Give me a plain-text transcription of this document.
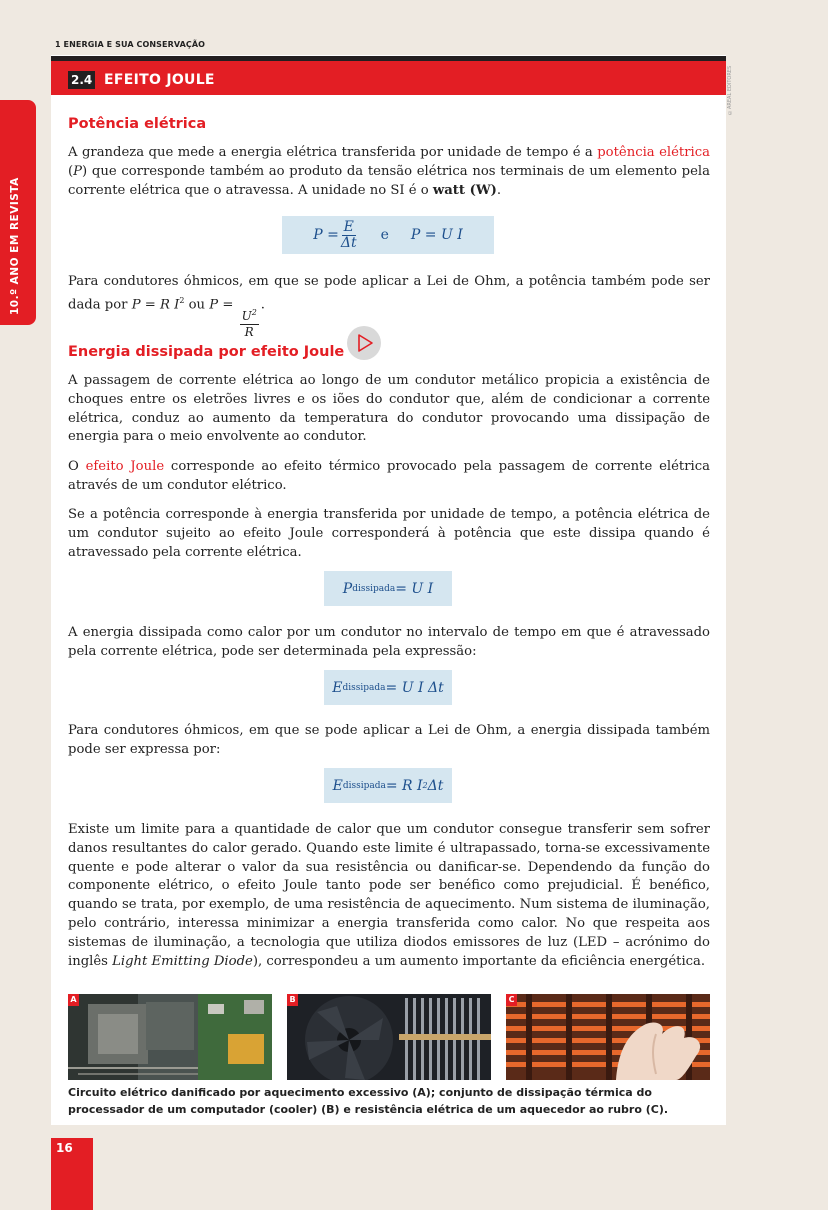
1 ENERGIA E SUA CONSERVAÇÃO
2.4 EFEITO JOULE	©AREAL EDITORES
10.º ANO EM REVISTA
Potência elétrica

A grandeza que mede a energia elétrica transferida por unidade de tempo é a potência elétrica (P) que corresponde também ao produto da tensão elétrica nos terminais de um elemento pela corrente elétrica que o atravessa. A unidade no SI é o watt (W).

$P = \frac{E}{\Delta t}$ e P = U I

Para condutores óhmicos, em que se pode aplicar a Lei de Ohm, a potência também pode ser dada por P = R $I^2$ ou P =
$\frac{U^2}{R}$
.

Energia dissipada por efeito Joule

A passagem de corrente elétrica ao longo de um condutor metálico propicia a existência de choques entre os eletrões livres e os iões do condutor que, além de condicionar a corrente elétrica, conduz ao aumento da temperatura do condutor provocando uma dissipação de energia para o meio envolvente ao condutor.

O efeito Joule corresponde ao efeito térmico provocado pela passagem de corrente elétrica através de um condutor elétrico.

Se a potência corresponde à energia transferida por unidade de tempo, a potência elétrica de um condutor sujeito ao efeito Joule corresponderá à potência que este dissipa quando é atravessado pela corrente elétrica.

P dissipada = U I

A energia dissipada como calor por um condutor no intervalo de tempo em que é atravessado pela corrente elétrica, pode ser determinada pela expressão:

E dissipada = U I Δt

Para condutores óhmicos, em que se pode aplicar a Lei de Ohm, a energia dissipada também pode ser expressa por:

E dissipada = R I 2 Δt

Existe um limite para a quantidade de calor que um condutor consegue transferir sem sofrer danos resultantes do calor gerado. Quando este limite é ultrapassado, torna-se excessivamente quente e pode alterar o valor da sua resistência ou danificar-se. Dependendo da função do componente elétrico, o efeito Joule tanto pode ser benéfico como prejudicial. É benéfico, quando se trata, por exemplo, de uma resistência de aquecimento. Num sistema de iluminação, pelo contrário, interessa minimizar a energia transferida como calor. No que respeita aos sistemas de iluminação, a tecnologia que utiliza diodos emissores de luz (LED – acrónimo do inglês Light Emitting Diode), correspondeu a um aumento importante da eficiência energética.

A	B	C
Circuito elétrico danificado por aquecimento excessivo (A); conjunto de dissipação térmica do processador de um computador (cooler) (B) e resistência elétrica de um aquecedor ao rubro (C).
16
